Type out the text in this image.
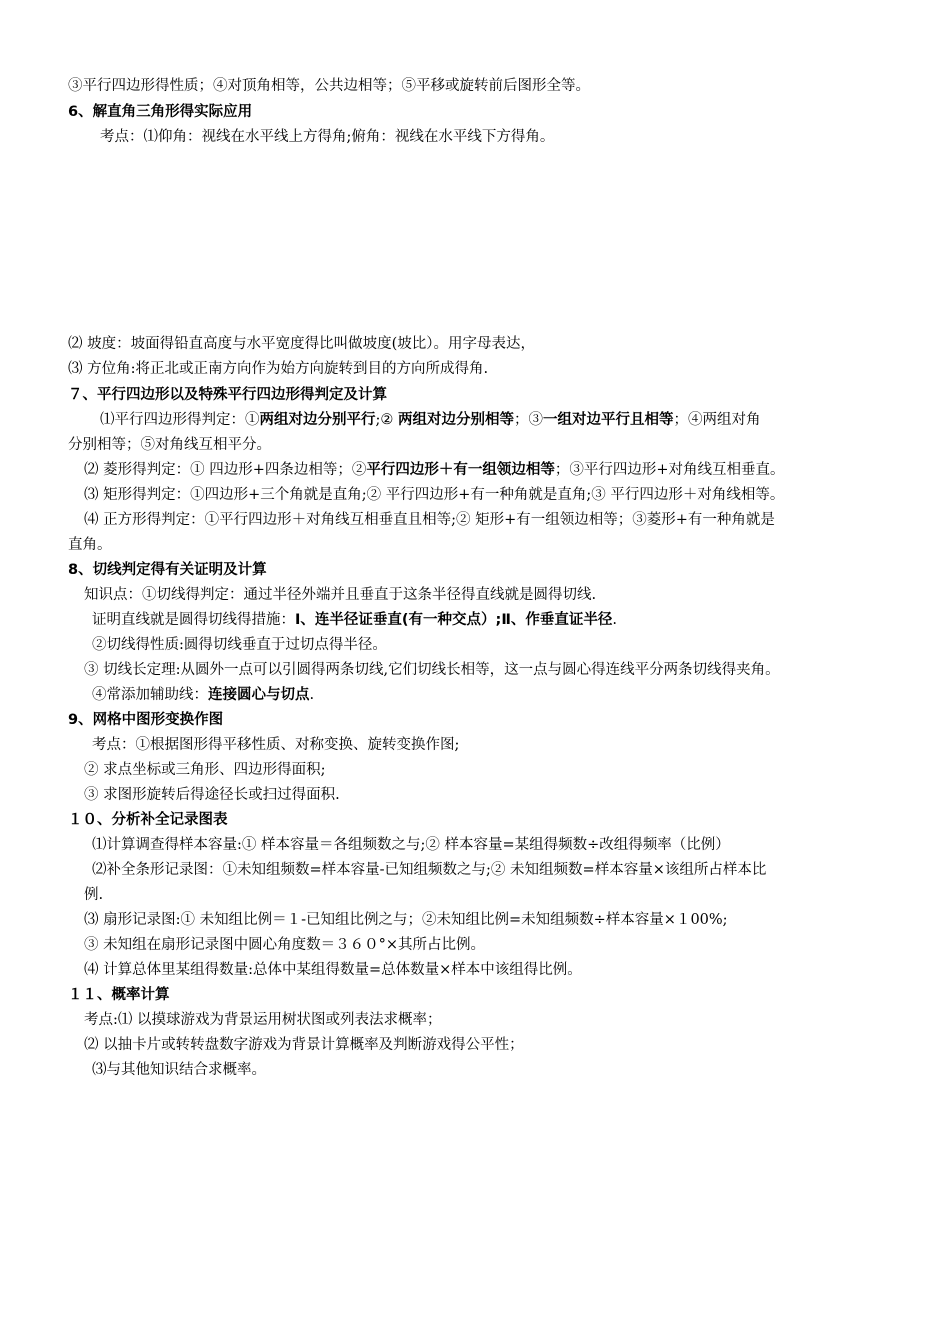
③平行四边形得性质；④对顶角相等，公共边相等；⑤平移或旋转前后图形全等。
6、解直角三角形得实际应用
考点：⑴仰角：视线在水平线上方得角;俯角：视线在水平线下方得角。
⑵ 坡度：坡面得铅直高度与水平宽度得比叫做坡度(坡比）。用字母表达，
⑶ 方位角:将正北或正南方向作为始方向旋转到目的方向所成得角.
７、平行四边形以及特殊平行四边形得判定及计算
⑴平行四边形得判定：①两组对边分别平行;② 两组对边分别相等；③一组对边平行且相等；④两组对角
分别相等；⑤对角线互相平分。
⑵ 菱形得判定：① 四边形+四条边相等；②平行四边形＋有一组领边相等；③平行四边形+对角线互相垂直。
⑶ 矩形得判定：①四边形+三个角就是直角;② 平行四边形+有一种角就是直角;③ 平行四边形＋对角线相等。
⑷ 正方形得判定：①平行四边形＋对角线互相垂直且相等;② 矩形+有一组领边相等；③菱形+有一种角就是
直角。
8、切线判定得有关证明及计算
知识点：①切线得判定：通过半径外端并且垂直于这条半径得直线就是圆得切线.
证明直线就是圆得切线得措施：Ⅰ、连半径证垂直(有一种交点）;Ⅱ、作垂直证半径.
②切线得性质:圆得切线垂直于过切点得半径。
③ 切线长定理:从圆外一点可以引圆得两条切线,它们切线长相等，这一点与圆心得连线平分两条切线得夹角。
④常添加辅助线：连接圆心与切点.
9、网格中图形变换作图
考点：①根据图形得平移性质、对称变换、旋转变换作图;
② 求点坐标或三角形、四边形得面积;
③ 求图形旋转后得途径长或扫过得面积.
１０、分析补全记录图表
⑴计算调查得样本容量:① 样本容量＝各组频数之与;② 样本容量=某组得频数÷改组得频率（比例）
⑵补全条形记录图：①未知组频数=样本容量-已知组频数之与;② 未知组频数=样本容量×该组所占样本比
例.
⑶ 扇形记录图:① 未知组比例＝１-已知组比例之与；②未知组比例=未知组频数÷样本容量×１00%;
③ 未知组在扇形记录图中圆心角度数＝３６０°×其所占比例。
⑷ 计算总体里某组得数量:总体中某组得数量=总体数量×样本中该组得比例。
１１、概率计算
考点:⑴ 以摸球游戏为背景运用树状图或列表法求概率；
⑵ 以抽卡片或转转盘数字游戏为背景计算概率及判断游戏得公平性；
⑶与其他知识结合求概率。
